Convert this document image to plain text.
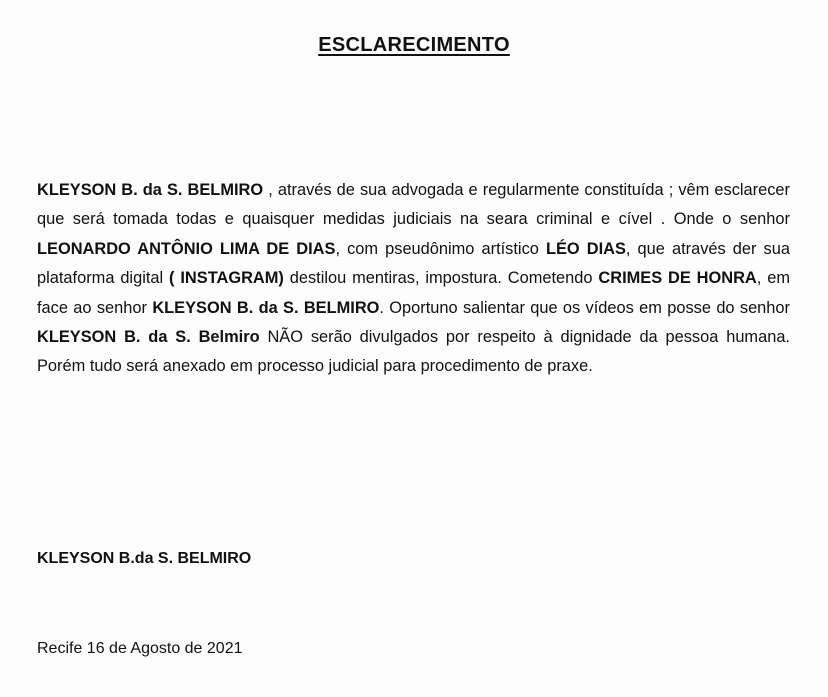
ESCLARECIMENTO

KLEYSON B. da S. BELMIRO , através de sua advogada e regularmente constituída ; vêm esclarecer que será tomada todas e quaisquer medidas judiciais na seara criminal e cível . Onde o senhor LEONARDO ANTÔNIO LIMA DE DIAS, com pseudônimo artístico LÉO DIAS, que através der sua plataforma digital ( INSTAGRAM) destilou mentiras, impostura. Cometendo CRIMES DE HONRA, em face ao senhor KLEYSON B. da S. BELMIRO. Oportuno salientar que os vídeos em posse do senhor KLEYSON B. da S. Belmiro NÃO serão divulgados por respeito à dignidade da pessoa humana. Porém tudo será anexado em processo judicial para procedimento de praxe.

KLEYSON B.da S. BELMIRO
Recife 16 de Agosto de 2021
